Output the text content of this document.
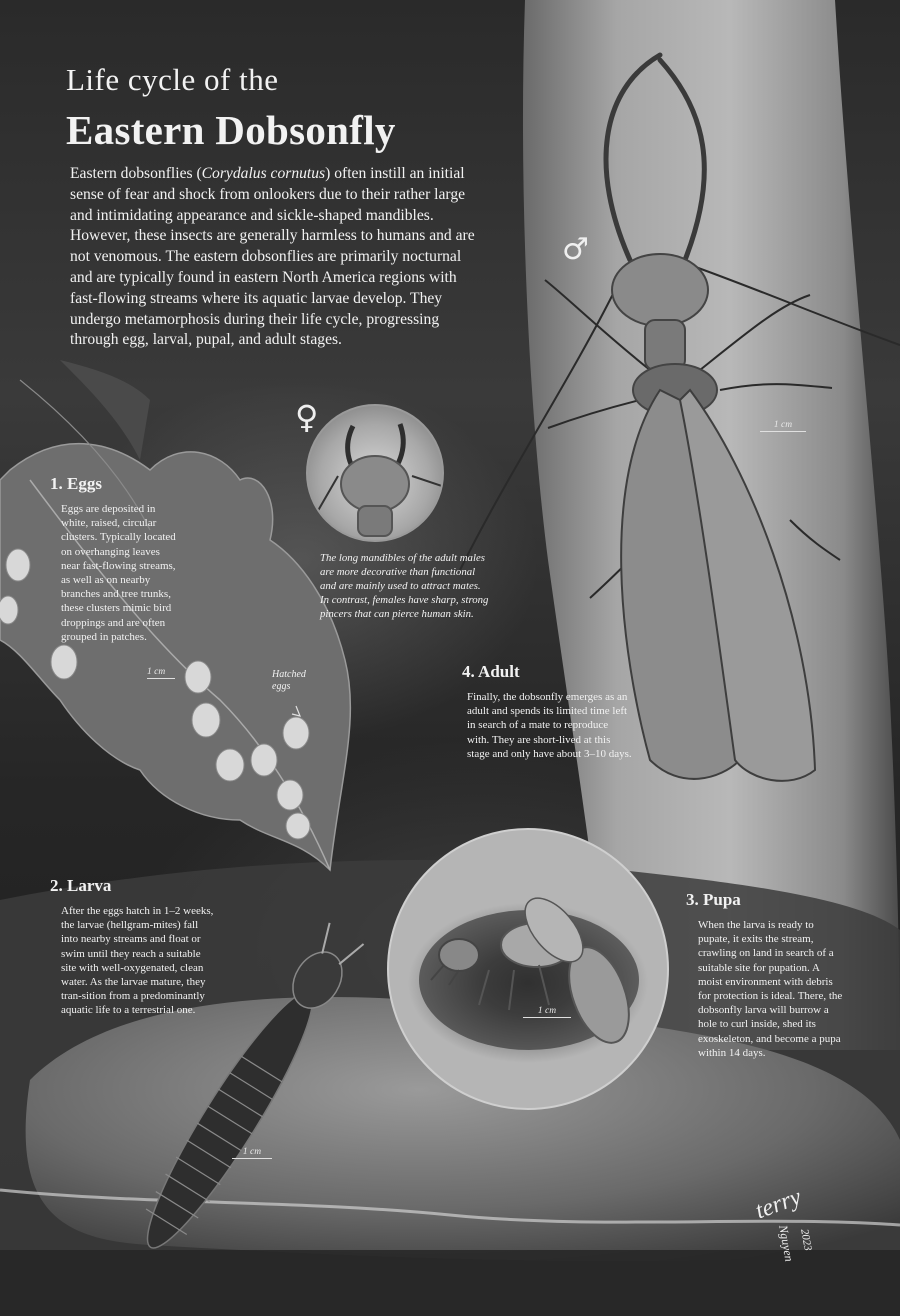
Life cycle of the
Eastern Dobsonfly

Eastern dobsonflies (Corydalus cornutus) often instill an initial sense of fear and shock from onlookers due to their rather large and intimidating appearance and sickle-shaped mandibles. However, these insects are generally harmless to humans and are not venomous. The eastern dobsonflies are primarily nocturnal and are typically found in eastern North America regions with fast-flowing streams where its aquatic larvae develop. They undergo metamorphosis during their life cycle, progressing through egg, larval, pupal, and adult stages.

♂
♀

The long mandibles of the adult males are more decorative than functional and are mainly used to attract mates. In contrast, females have sharp, strong pincers that can pierce human skin.

1. Eggs

Eggs are deposited in white, raised, circular clusters. Typically located on overhanging leaves near fast-flowing streams, as well as on nearby branches and tree trunks, these clusters mimic bird droppings and are often grouped in patches.

4. Adult

Finally, the dobsonfly emerges as an adult and spends its limited time left in search of a mate to reproduce with. They are short-lived at this stage and only have about 3–10 days.

2. Larva

After the eggs hatch in 1–2 weeks, the larvae (hellgram-mites) fall into nearby streams and float or swim until they reach a suitable site with well-oxygenated, clean water. As the larvae mature, they tran-sition from a predominantly aquatic life to a terrestrial one.

3. Pupa

When the larva is ready to pupate, it exits the stream, crawling on land in search of a suitable site for pupation. A moist environment with debris for protection is ideal. There, the dobsonfly larva will burrow a hole to curl inside, shed its exoskeleton, and become a pupa within 14 days.

Hatched eggs
1 cm
1 cm
1 cm
1 cm
terry
Nguyen 2023
